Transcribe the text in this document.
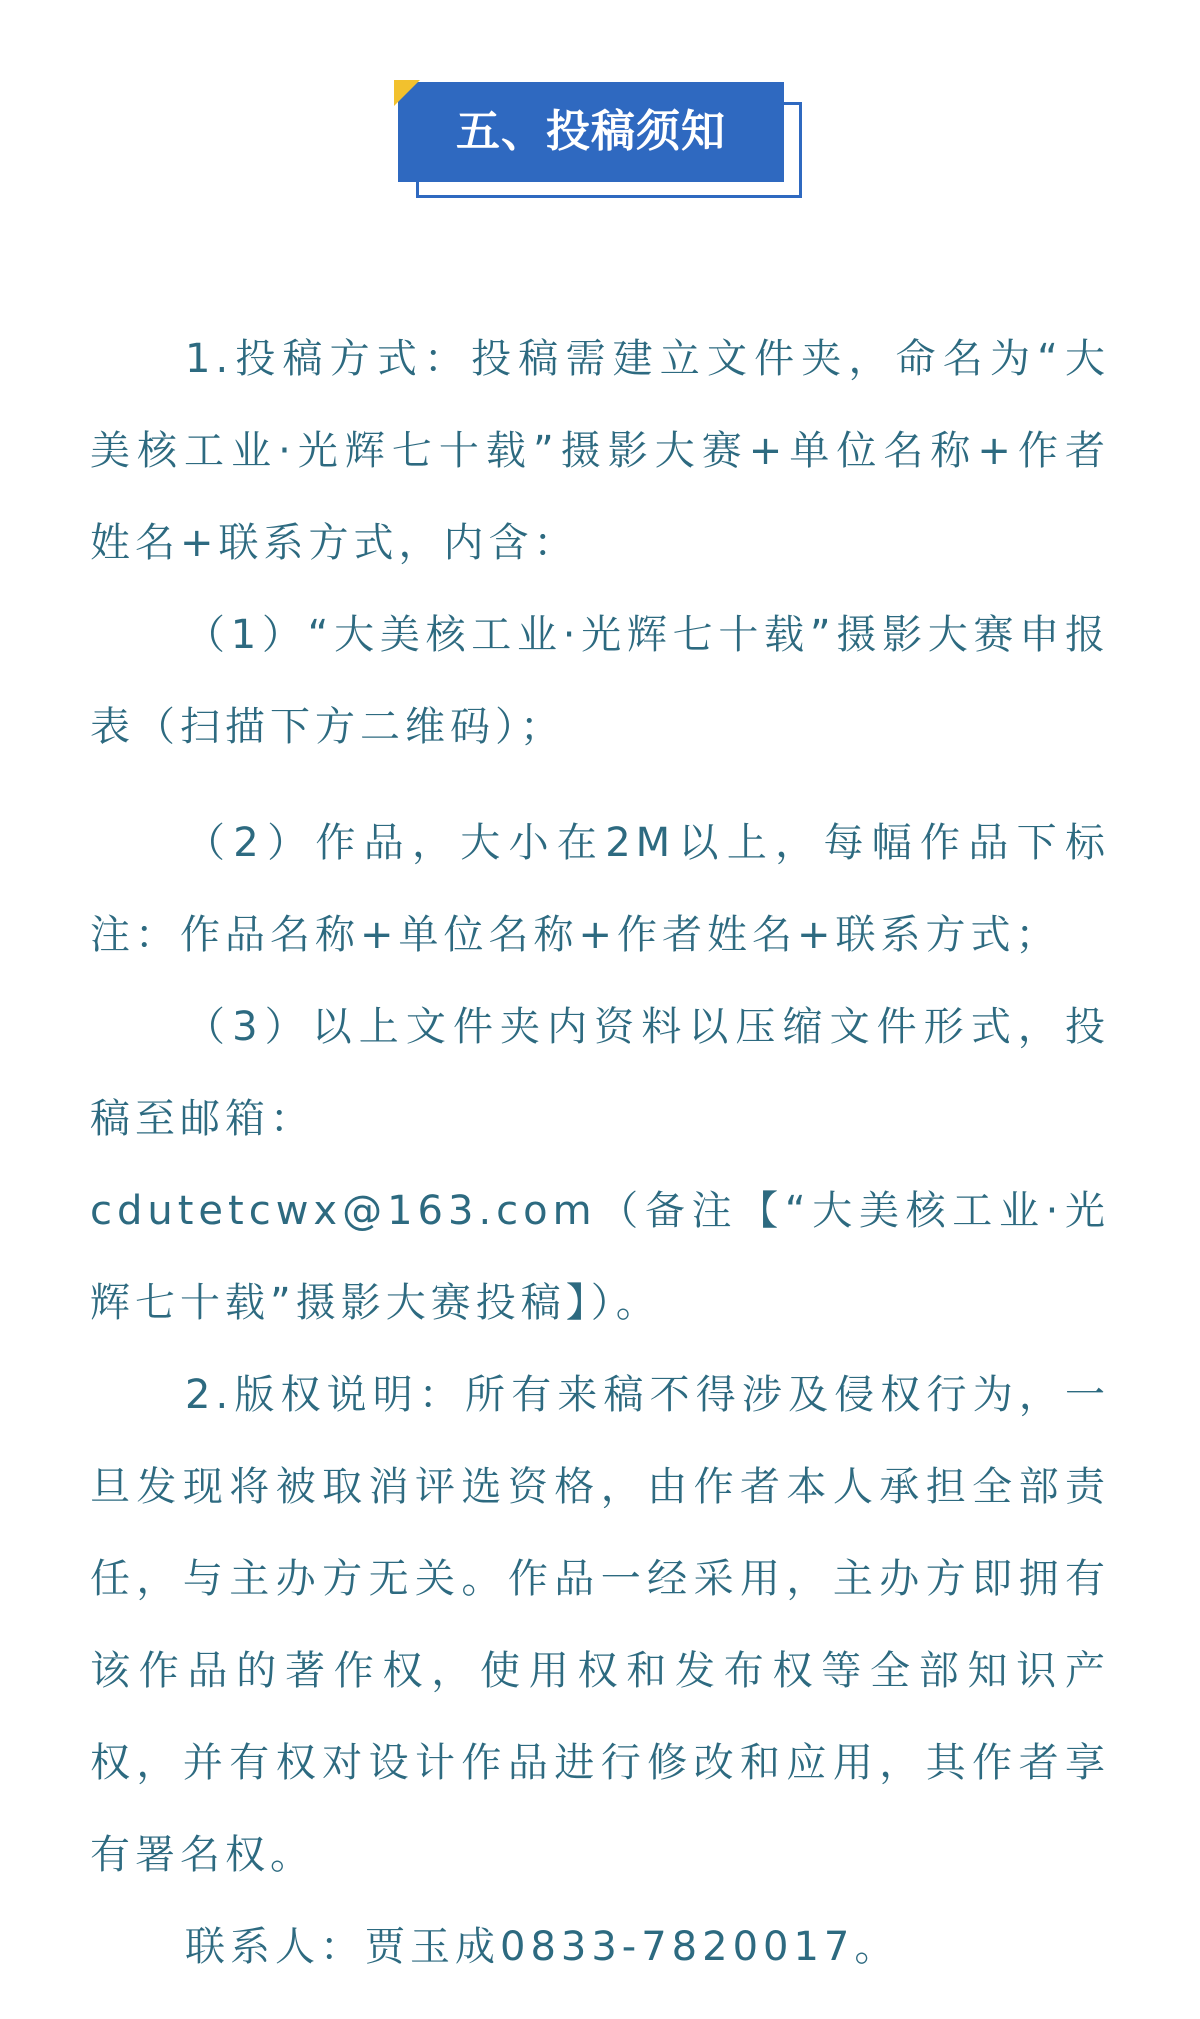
五、投稿须知

1.投稿方式：投稿需建立文件夹，命名为“大美核工业·光辉七十载”摄影大赛+单位名称+作者姓名+联系方式，内含：

（1）“大美核工业·光辉七十载”摄影大赛申报表（扫描下方二维码）；

（2）作品，大小在2M以上，每幅作品下标注：作品名称+单位名称+作者姓名+联系方式；

（3）以上文件夹内资料以压缩文件形式，投稿至邮箱：

cdutetcwx@163.com（备注【“大美核工业·光辉七十载”摄影大赛投稿】）。

2.版权说明：所有来稿不得涉及侵权行为，一旦发现将被取消评选资格，由作者本人承担全部责任，与主办方无关。作品一经采用，主办方即拥有该作品的著作权，使用权和发布权等全部知识产权，并有权对设计作品进行修改和应用，其作者享有署名权。

联系人：贾玉成0833-7820017。
